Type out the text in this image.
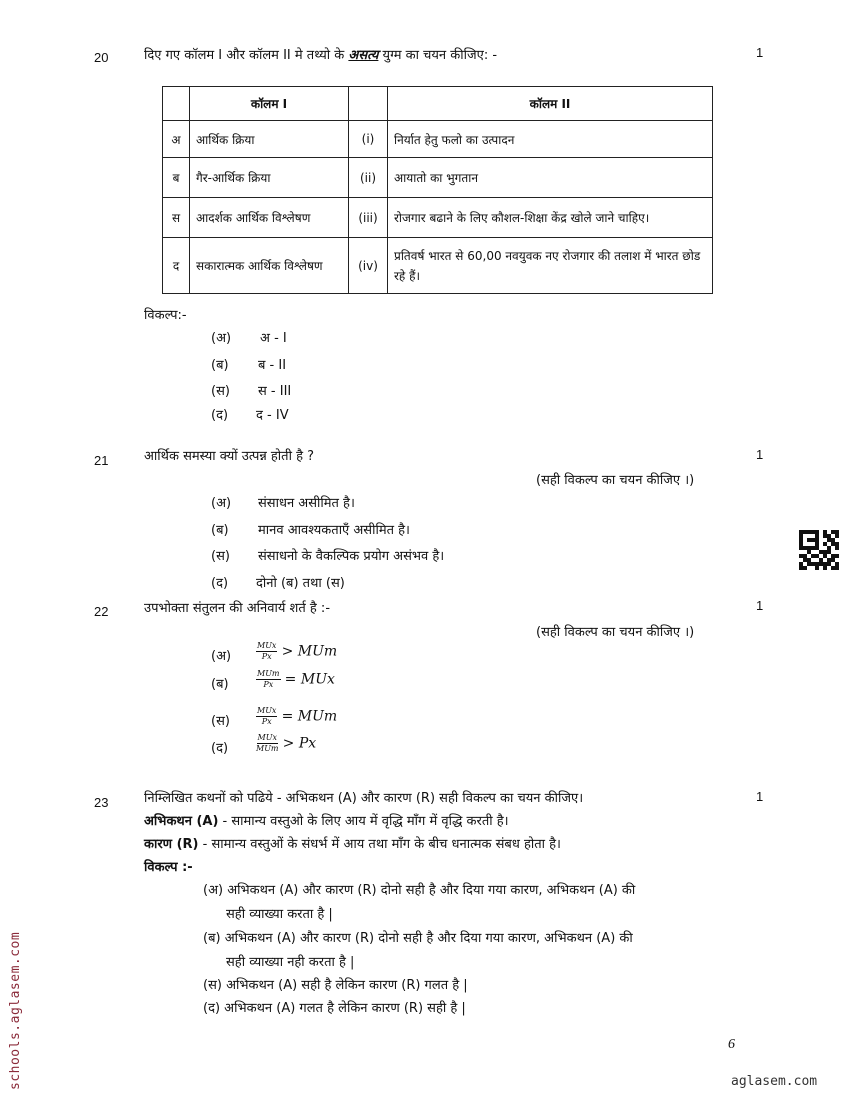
20	दिए गए कॉलम I और कॉलम II मे तथ्यो के असत्य युग्म का चयन कीजिए: -	1
	कॉलम I		कॉलम II
अ	आर्थिक क्रिया	(i)	निर्यात हेतु फलो का उत्पादन
ब	गैर-आर्थिक क्रिया	(ii)	आयातो का भुगतान
स	आदर्शक आर्थिक विश्लेषण	(iii)	रोजगार बढाने के लिए कौशल-शिक्षा केंद्र खोले जाने चाहिए।
द	सकारात्मक आर्थिक विश्लेषण	(iv)	प्रतिवर्ष भारत से 60,00 नवयुवक नए रोजगार की तलाश में भारत छोड रहे हैं।
विकल्प:-
(अ) अ - I
(ब) ब - II
(स) स - III
(द) द - IV
21	आर्थिक समस्या क्यों उत्पन्न होती है ?	1
(सही विकल्प का चयन कीजिए ।)
(अ) संसाधन असीमित है।
(ब) मानव आवश्यकताएँ असीमित है।
(स) संसाधनो के वैकल्पिक प्रयोग असंभव है।
(द) दोनो (ब) तथा (स)
22	उपभोक्ता संतुलन की अनिवार्य शर्त है :-	1
(सही विकल्प का चयन कीजिए ।)
(अ)	$\frac{\text{MUx}}{Px}$ > MUm
(ब)	$\frac{\text{MUm}}{Px}$ = MUx
(स)	$\frac{\text{MUx}}{Px}$ = MUm
(द)	$\frac{\text{MUx}}{\text{MUm}} > Px$
23	निम्लिखित कथनों को पढिये - अभिकथन (A) और कारण (R) सही विकल्प का चयन कीजिए।	1
अभिकथन (A) - सामान्य वस्तुओ के लिए आय में वृद्धि माँग में वृद्धि करती है।
कारण (R) - सामान्य वस्तुओं के संधर्भ में आय तथा माँग के बीच धनात्मक संबध होता है।
विकल्प :-
(अ) अभिकथन (A) और कारण (R) दोनो सही है और दिया गया कारण, अभिकथन (A) की
सही व्याख्या करता है |
(ब) अभिकथन (A) और कारण (R) दोनो सही है और दिया गया कारण, अभिकथन (A) की
सही व्याख्या नही करता है |
(स) अभिकथन (A) सही है लेकिन कारण (R) गलत है |
(द) अभिकथन (A) गलत है लेकिन कारण (R) सही है |
6
aglasem.com
schools.aglasem.com
